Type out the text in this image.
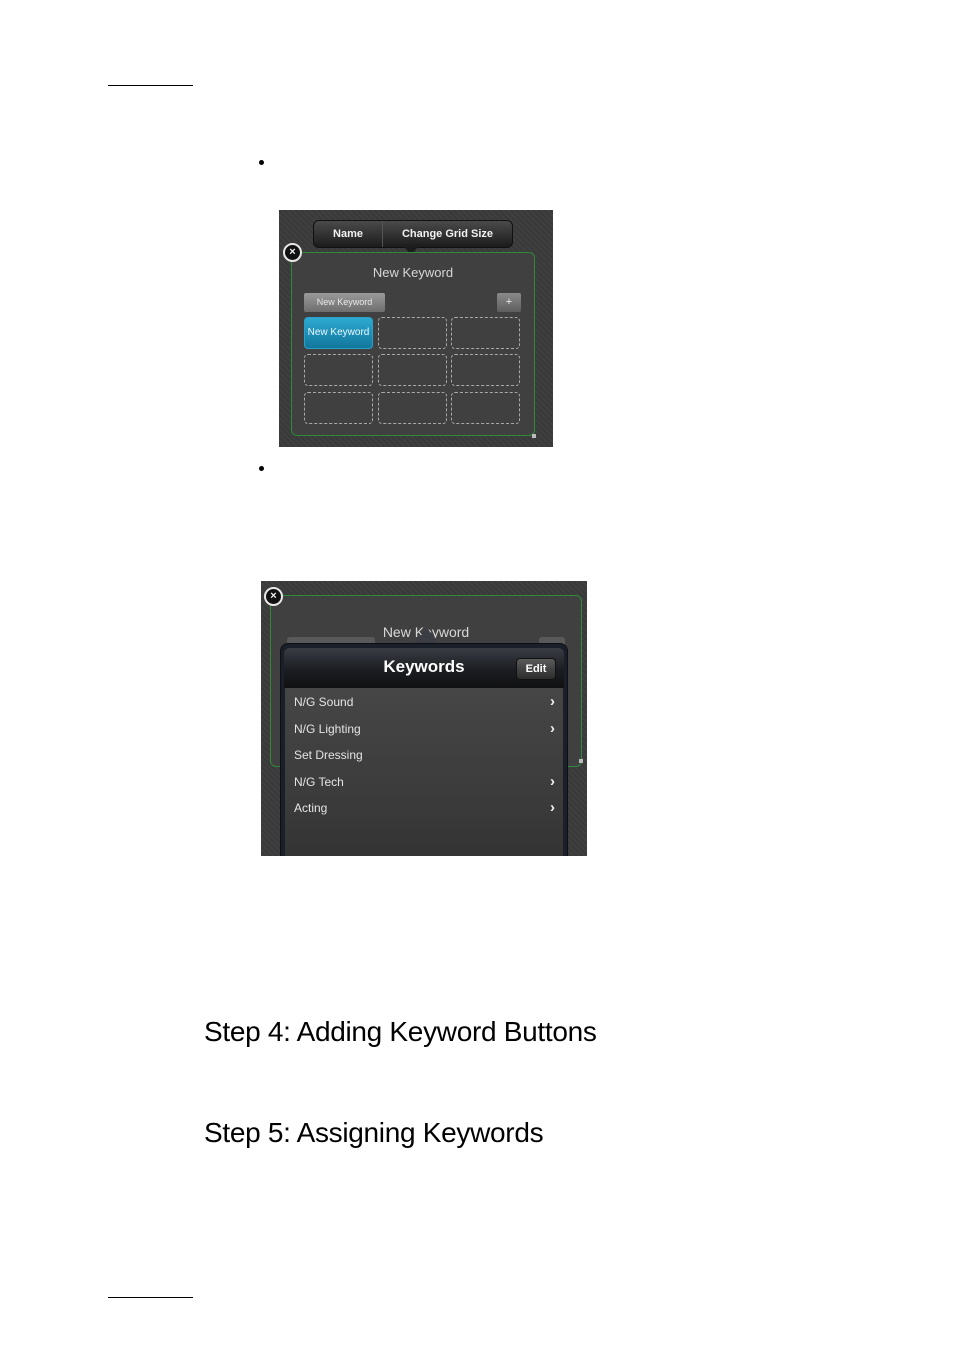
Name	Change Grid Size
New Keyword
New Keyword	+
New Keyword
×
New Keyword
Keywords	Edit
N/G Sound	›
N/G Lighting	›
Set Dressing
N/G Tech	›
Acting	›
×
Step 4: Adding Keyword Buttons
Step 5: Assigning Keywords
